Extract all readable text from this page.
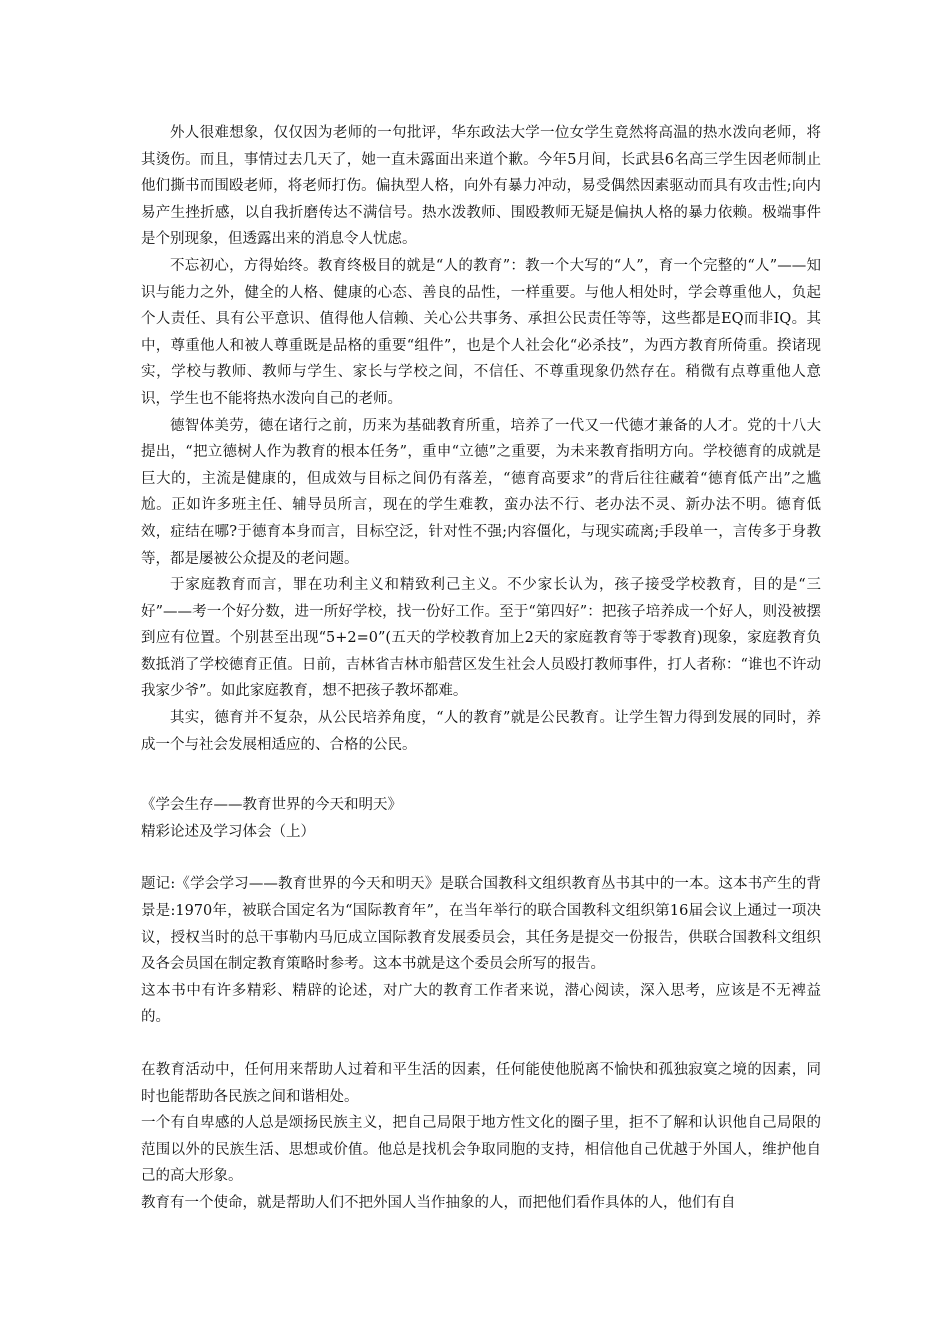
外人很难想象，仅仅因为老师的一句批评，华东政法大学一位女学生竟然将高温的热水泼向老师，将其烫伤。而且，事情过去几天了，她一直未露面出来道个歉。今年5月间，长武县6名高三学生因老师制止他们撕书而围殴老师，将老师打伤。偏执型人格，向外有暴力冲动，易受偶然因素驱动而具有攻击性;向内易产生挫折感，以自我折磨传达不满信号。热水泼教师、围殴教师无疑是偏执人格的暴力依赖。极端事件是个别现象，但透露出来的消息令人忧虑。

不忘初心，方得始终。教育终极目的就是“人的教育”：教一个大写的“人”，育一个完整的“人”——知识与能力之外，健全的人格、健康的心态、善良的品性，一样重要。与他人相处时，学会尊重他人，负起个人责任、具有公平意识、值得他人信赖、关心公共事务、承担公民责任等等，这些都是EQ而非IQ。其中，尊重他人和被人尊重既是品格的重要“组件”，也是个人社会化“必杀技”，为西方教育所倚重。揆诸现实，学校与教师、教师与学生、家长与学校之间，不信任、不尊重现象仍然存在。稍微有点尊重他人意识，学生也不能将热水泼向自己的老师。

德智体美劳，德在诸行之前，历来为基础教育所重，培养了一代又一代德才兼备的人才。党的十八大提出，“把立德树人作为教育的根本任务”，重申“立德”之重要，为未来教育指明方向。学校德育的成就是巨大的，主流是健康的，但成效与目标之间仍有落差，“德育高要求”的背后往往藏着“德育低产出”之尴尬。正如许多班主任、辅导员所言，现在的学生难教，蛮办法不行、老办法不灵、新办法不明。德育低效，症结在哪?于德育本身而言，目标空泛，针对性不强;内容僵化，与现实疏离;手段单一，言传多于身教等，都是屡被公众提及的老问题。

于家庭教育而言，罪在功利主义和精致利己主义。不少家长认为，孩子接受学校教育，目的是“三好”——考一个好分数，进一所好学校，找一份好工作。至于“第四好”：把孩子培养成一个好人，则没被摆到应有位置。个别甚至出现“5+2=0”(五天的学校教育加上2天的家庭教育等于零教育)现象，家庭教育负数抵消了学校德育正值。日前，吉林省吉林市船营区发生社会人员殴打教师事件，打人者称：“谁也不许动我家少爷”。如此家庭教育，想不把孩子教坏都难。

其实，德育并不复杂，从公民培养角度，“人的教育”就是公民教育。让学生智力得到发展的同时，养成一个与社会发展相适应的、合格的公民。

《学会生存——教育世界的今天和明天》
精彩论述及学习体会（上）

题记:《学会学习——教育世界的今天和明天》是联合国教科文组织教育丛书其中的一本。这本书产生的背景是:1970年，被联合国定名为“国际教育年”，在当年举行的联合国教科文组织第16届会议上通过一项决议，授权当时的总干事勒内马厄成立国际教育发展委员会，其任务是提交一份报告，供联合国教科文组织及各会员国在制定教育策略时参考。这本书就是这个委员会所写的报告。

这本书中有许多精彩、精辟的论述，对广大的教育工作者来说，潜心阅读，深入思考，应该是不无裨益的。

在教育活动中，任何用来帮助人过着和平生活的因素，任何能使他脱离不愉快和孤独寂寞之境的因素，同时也能帮助各民族之间和谐相处。

一个有自卑感的人总是颂扬民族主义，把自己局限于地方性文化的圈子里，拒不了解和认识他自己局限的范围以外的民族生活、思想或价值。他总是找机会争取同胞的支持，相信他自己优越于外国人，维护他自己的高大形象。

教育有一个使命，就是帮助人们不把外国人当作抽象的人，而把他们看作具体的人，他们有自
